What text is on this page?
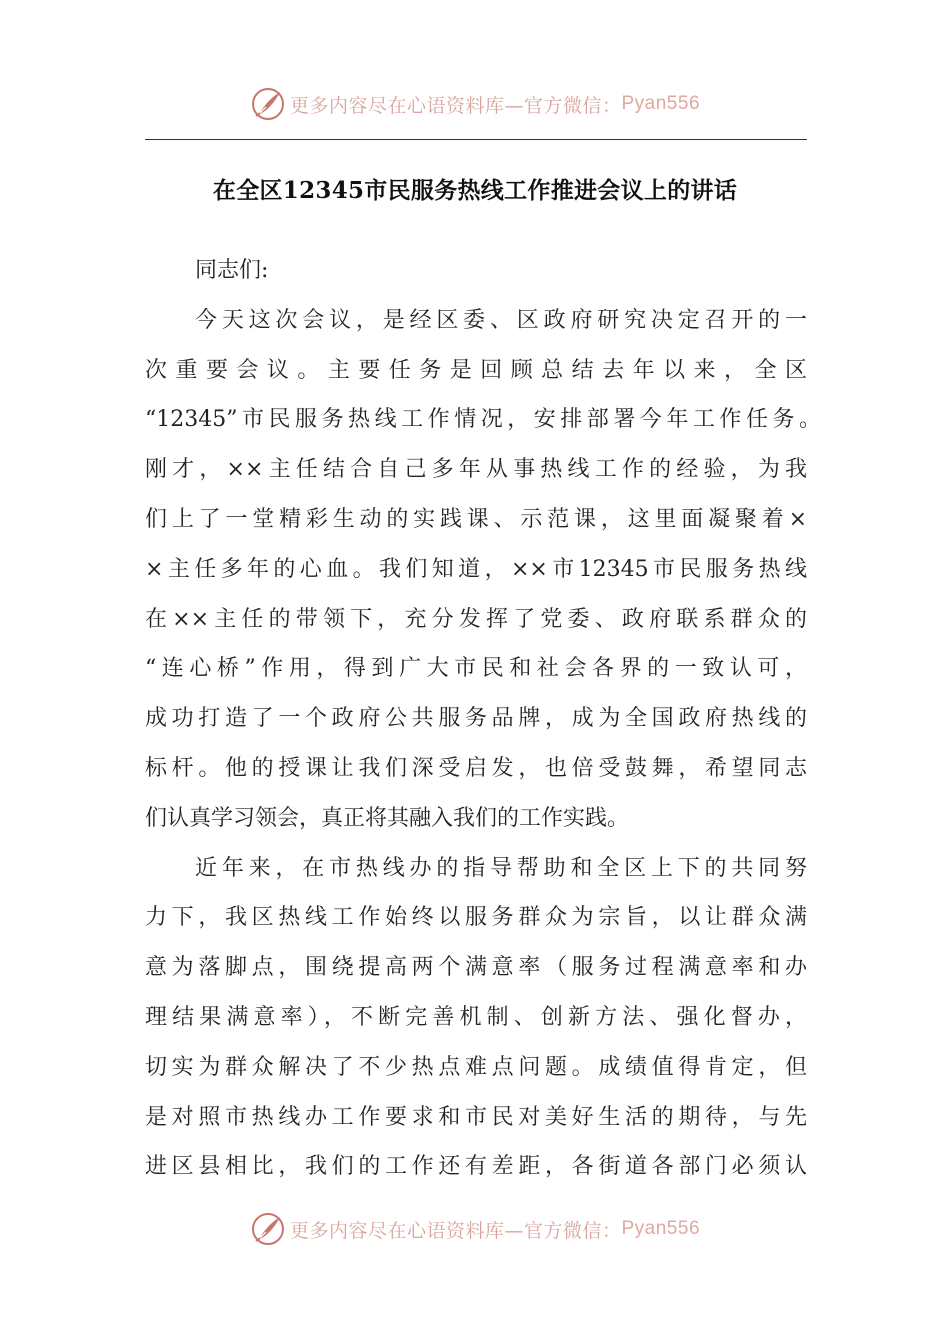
更多内容尽在心语资料库—官方微信： Pyan556
在全区12345市民服务热线工作推进会议上的讲话
同志们:

今天这次会议，是经区委、区政府研究决定召开的一
次重要会议。主要任务是回顾总结去年以来，全区
“12345”市民服务热线工作情况，安排部署今年工作任务。
刚才，××主任结合自己多年从事热线工作的经验，为我
们上了一堂精彩生动的实践课、示范课，这里面凝聚着×
×主任多年的心血。我们知道，××市12345市民服务热线
在××主任的带领下，充分发挥了党委、政府联系群众的
“连心桥”作用，得到广大市民和社会各界的一致认可，
成功打造了一个政府公共服务品牌，成为全国政府热线的
标杆。他的授课让我们深受启发，也倍受鼓舞，希望同志
们认真学习领会，真正将其融入我们的工作实践。

近年来，在市热线办的指导帮助和全区上下的共同努
力下，我区热线工作始终以服务群众为宗旨，以让群众满
意为落脚点，围绕提高两个满意率（服务过程满意率和办
理结果满意率），不断完善机制、创新方法、强化督办，
切实为群众解决了不少热点难点问题。成绩值得肯定，但
是对照市热线办工作要求和市民对美好生活的期待，与先
进区县相比，我们的工作还有差距，各街道各部门必须认

更多内容尽在心语资料库—官方微信： Pyan556
